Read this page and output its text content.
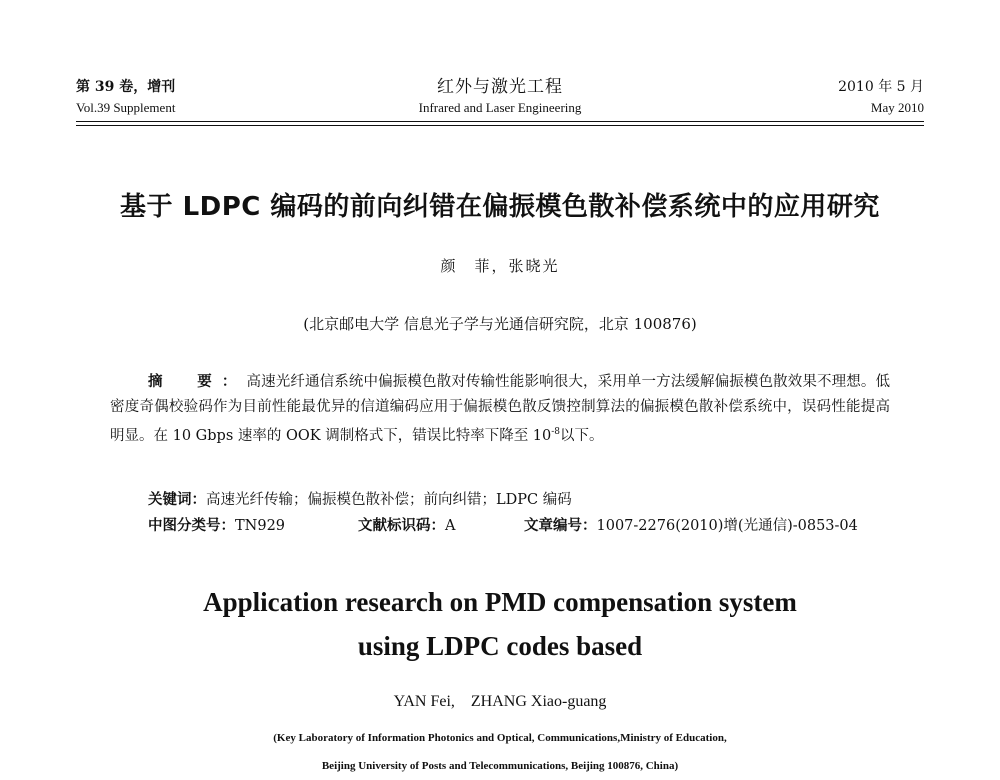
第 39 卷，增刊
Vol.39 Supplement
红外与激光工程
Infrared and Laser Engineering
2010 年 5 月
May 2010
基于 LDPC 编码的前向纠错在偏振模色散补偿系统中的应用研究
颜　菲，张晓光
(北京邮电大学 信息光子学与光通信研究院，北京 100876)
摘　要：高速光纤通信系统中偏振模色散对传输性能影响很大，采用单一方法缓解偏振模色散效果不理想。低密度奇偶校验码作为目前性能最优异的信道编码应用于偏振模色散反馈控制算法的偏振模色散补偿系统中，误码性能提高明显。在 10 Gbps 速率的 OOK 调制格式下，错误比特率下降至 $10^{-8}$以下。
关键词：高速光纤传输；偏振模色散补偿；前向纠错；LDPC 编码
中图分类号：TN929	文献标识码：A	文章编号：1007-2276(2010)增(光通信)-0853-04
Application research on PMD compensation system
using LDPC codes based
YAN Fei,　ZHANG Xiao-guang
(Key Laboratory of Information Photonics and Optical, Communications,Ministry of Education,
Beijing University of Posts and Telecommunications, Beijing 100876, China)
